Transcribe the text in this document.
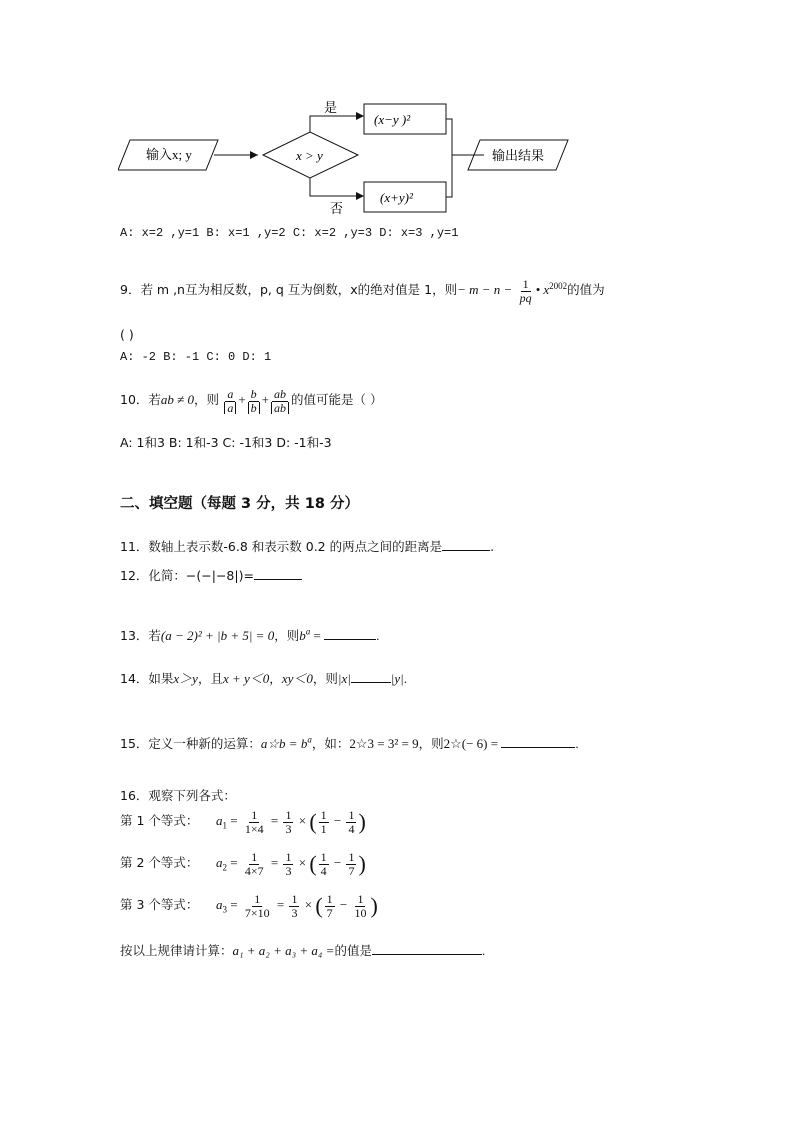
输入x; y	x > y
是
否
(x−y )²
(x+y)²
输出结果
A: x=2 ,y=1 B: x=1 ,y=2 C: x=2 ,y=3 D: x=3 ,y=1
9．若 m ,n互为相反数，p, q 互为倒数，x的绝对值是 1，则− $m - n - \frac{1}{pq}$ • $x^{2002}$的值为
( )
A: -2 B: -1 C: 0 D: 1
10．若ab ≠ 0，则 $\frac{a}{a} + \frac{b}{b} + \frac{ab}{ab}$ 的值可能是（ ）
A: 1和3 B: 1和-3 C: -1和3 D: -1和-3
二、填空题（每题 3 分，共 18 分）
11．数轴上表示数-6.8 和表示数 0.2 的两点之间的距离是	.
12．化简：−(−|−8|)=
13．若(a − 2)² + |b + 5| = 0，则$b^a$ =	.
14．如果x＞y，且x + y＜0，xy＜0，则|x|	|y|.
15．定义一种新的运算：a☆b = $b^a$，如：2☆3 = 3² = 9，则2☆(− 6) =	.
16．观察下列各式：
第 1 个等式： $a_1 = \frac{1}{1\times 4} = \frac{1}{3}$ × ( $\frac{1}{1} - \frac{1}{4}$ )
第 2 个等式： $a_2 = \frac{1}{4\times 7} = \frac{1}{3}$ × ( $\frac{1}{4} - \frac{1}{7}$ )
第 3 个等式： $a_3 = \frac{1}{7\times 10} = \frac{1}{3}$ × ( $\frac{1}{7} - \frac{1}{10}$ )
按以上规律请计算：a₁ + a₂ + a₃ + a₄ =的值是	.
